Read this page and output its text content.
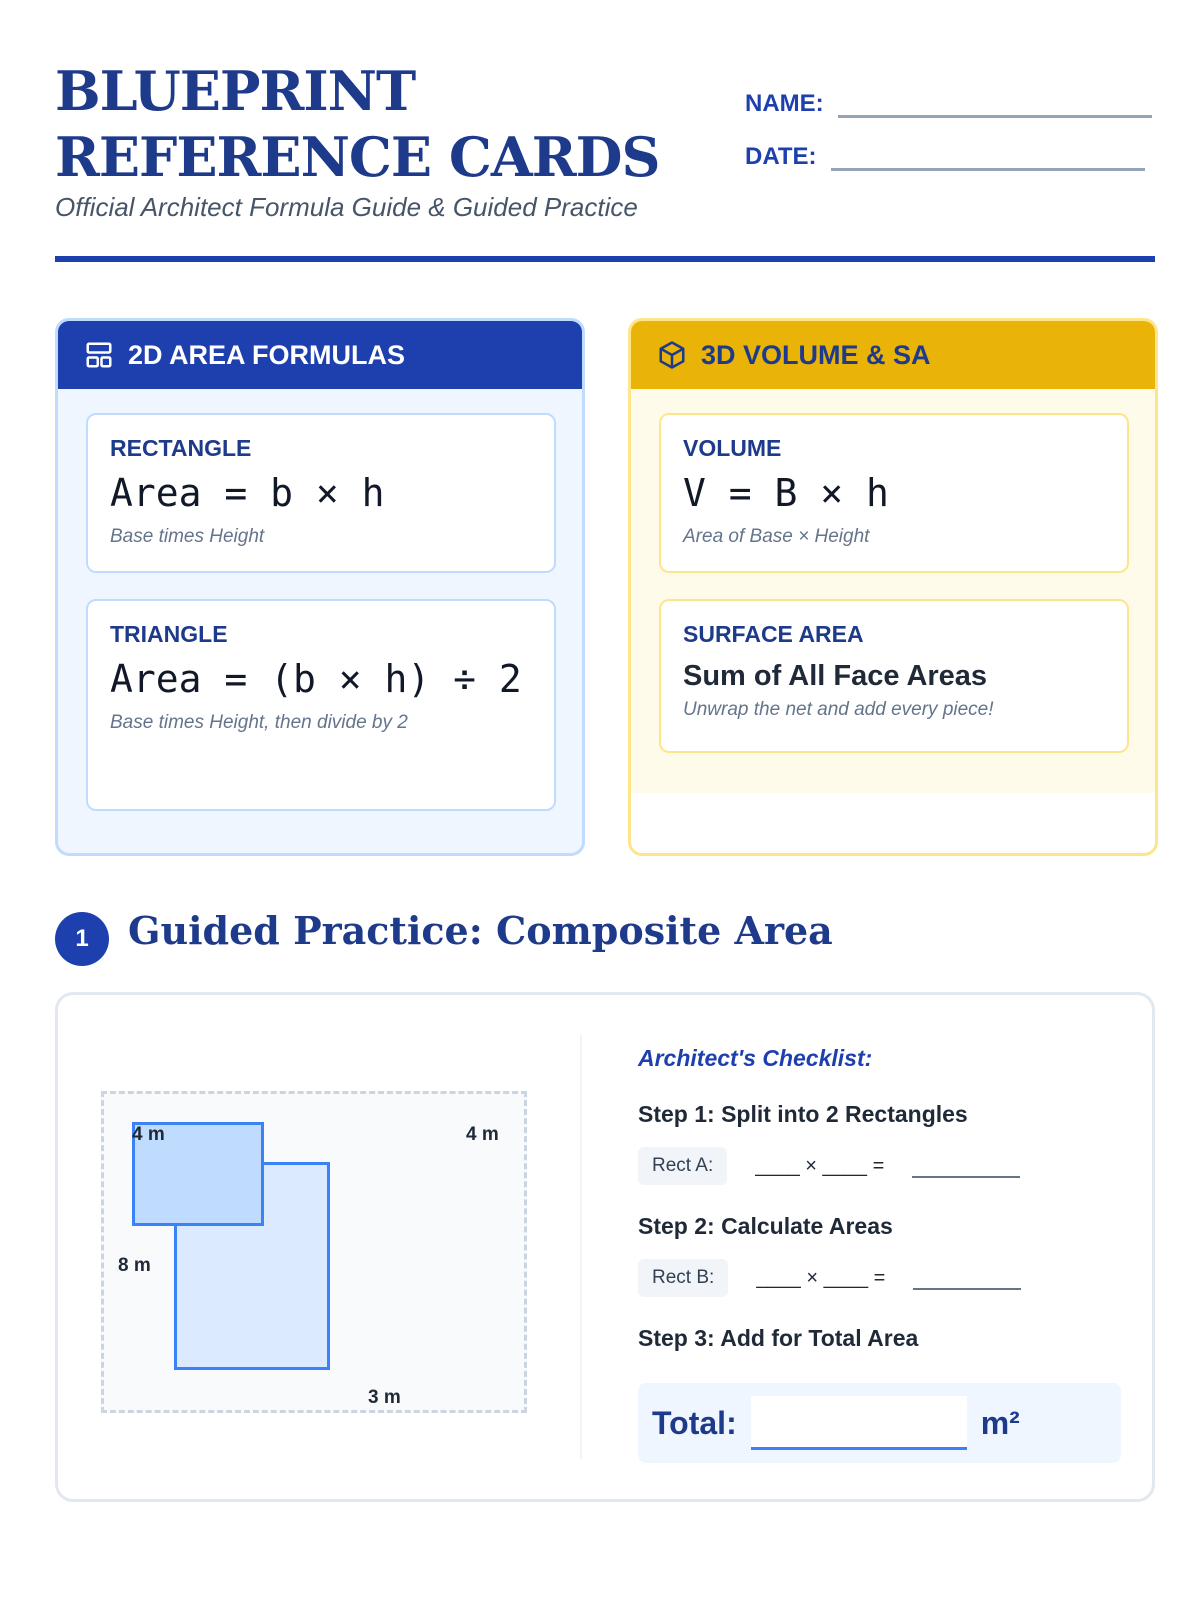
BLUEPRINT
REFERENCE CARDS
Official Architect Formula Guide & Guided Practice
NAME:
DATE:
2D AREA FORMULAS
RECTANGLE
Area = b × h
Base times Height
TRIANGLE
Area = (b × h) ÷ 2
Base times Height, then divide by 2
3D VOLUME & SA
VOLUME
V = B × h
Area of Base × Height
SURFACE AREA
Sum of All Face Areas
Unwrap the net and add every piece!
1	Guided Practice: Composite Area
4 m	4 m
8 m
3 m
Architect's Checklist:
Step 1: Split into 2 Rectangles
Rect A:	____ × ____ =
Step 2: Calculate Areas
Rect B:	____ × ____ =
Step 3: Add for Total Area
Total:	m²
